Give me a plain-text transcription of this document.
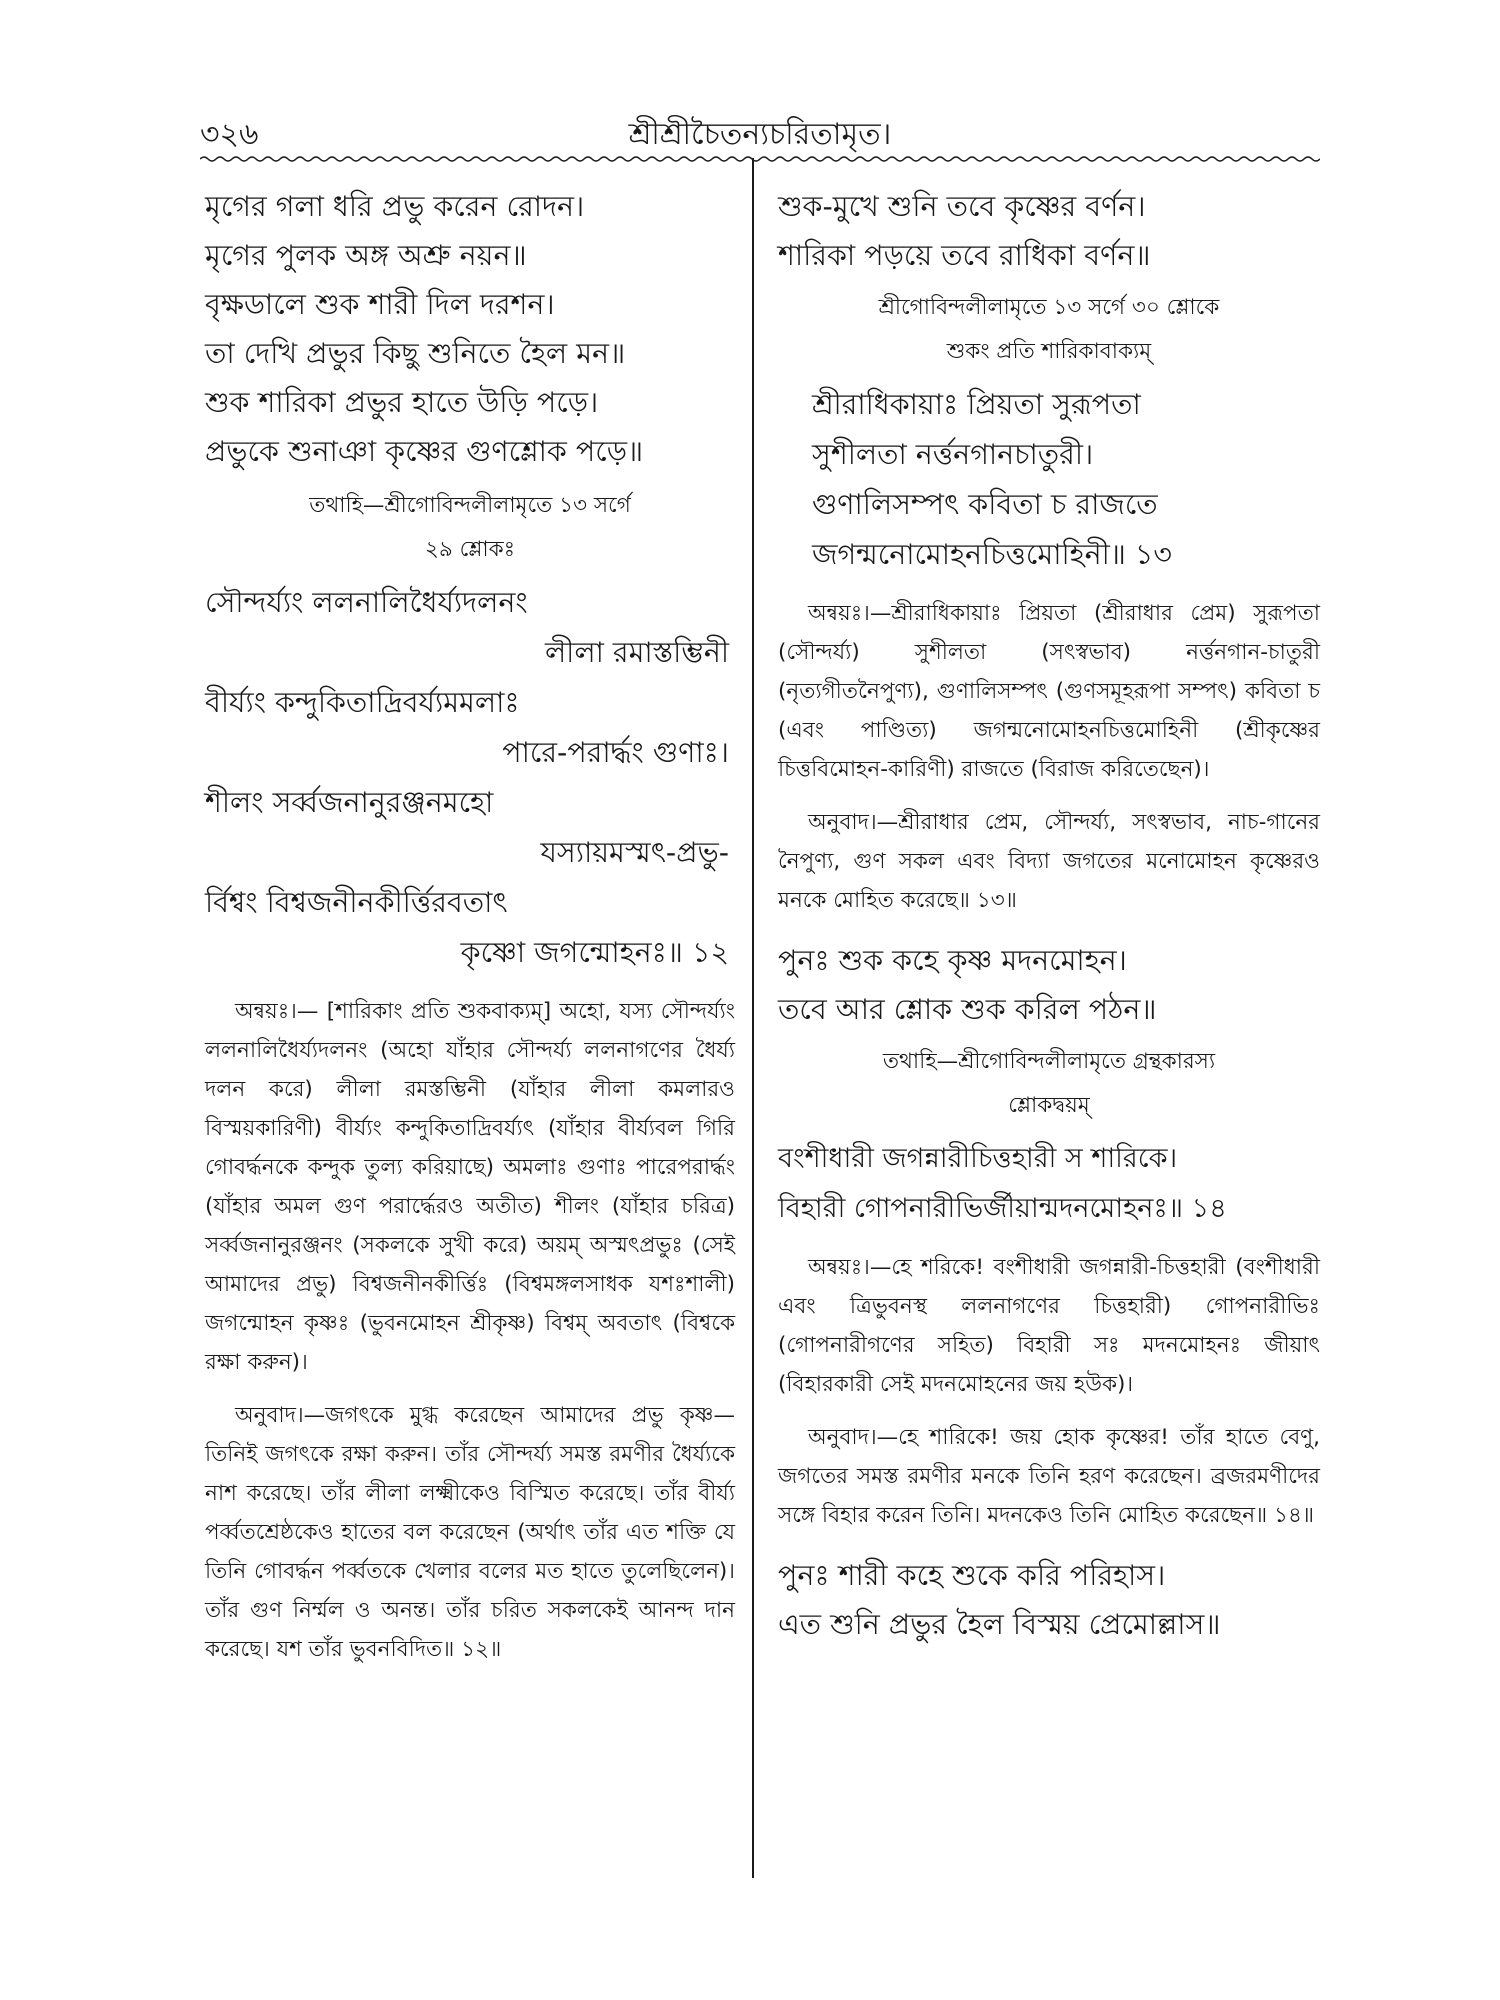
৩২৬	শ্রীশ্রীচৈতন্যচরিতামৃত।
মৃগের গলা ধরি প্রভু করেন রোদন।
মৃগের পুলক অঙ্গ অশ্রু নয়ন॥
বৃক্ষডালে শুক শারী দিল দরশন।
তা দেখি প্রভুর কিছু শুনিতে হৈল মন॥
শুক শারিকা প্রভুর হাতে উড়ি পড়ে।
প্রভুকে শুনাঞা কৃষ্ণের গুণশ্লোক পড়ে॥
তথাহি—শ্রীগোবিন্দলীলামৃতে ১৩ সর্গে
২৯ শ্লোকঃ
সৌন্দর্য্যং ললনালিধৈর্য্যদলনং
লীলা রমাস্তম্ভিনী
বীর্য্যং কন্দুকিতাদ্রিবর্য্যমমলাঃ
পারে-পরার্দ্ধং গুণাঃ।
শীলং সর্ব্বজনানুরঞ্জনমহো
যস্যায়মস্মৎ-প্রভু-
র্বিশ্বং বিশ্বজনীনকীর্ত্তিরবতাৎ
কৃষ্ণো জগন্মোহনঃ॥ ১২

অন্বয়ঃ।— [শারিকাং প্রতি শুকবাক্যম্] অহো, যস্য সৌন্দর্য্যং ললনালিধৈর্য্যদলনং (অহো যাঁহার সৌন্দর্য্য ললনাগণের ধৈর্য্য দলন করে) লীলা রমস্তম্ভিনী (যাঁহার লীলা কমলারও বিস্ময়কারিণী) বীর্য্যং কন্দুকিতাদ্রিবর্য্যৎ (যাঁহার বীর্য্যবল গিরি গোবর্দ্ধনকে কন্দুক তুল্য করিয়াছে) অমলাঃ গুণাঃ পারেপরার্দ্ধং (যাঁহার অমল গুণ পরার্দ্ধেরও অতীত) শীলং (যাঁহার চরিত্র) সর্ব্বজনানুরঞ্জনং (সকলকে সুখী করে) অয়ম্ অস্মৎপ্রভুঃ (সেই আমাদের প্রভু) বিশ্বজনীনকীর্ত্তিঃ (বিশ্বমঙ্গলসাধক যশঃশালী) জগন্মোহন কৃষ্ণঃ (ভুবনমোহন শ্রীকৃষ্ণ) বিশ্বম্ অবতাৎ (বিশ্বকে রক্ষা করুন)।

অনুবাদ।—জগৎকে মুগ্ধ করেছেন আমাদের প্রভু কৃষ্ণ—তিনিই জগৎকে রক্ষা করুন। তাঁর সৌন্দর্য্য সমস্ত রমণীর ধৈর্য্যকে নাশ করেছে। তাঁর লীলা লক্ষ্মীকেও বিস্মিত করেছে। তাঁর বীর্য্য পর্ব্বতশ্রেষ্ঠকেও হাতের বল করেছেন (অর্থাৎ তাঁর এত শক্তি যে তিনি গোবর্দ্ধন পর্ব্বতকে খেলার বলের মত হাতে তুলেছিলেন)। তাঁর গুণ নির্ম্মল ও অনন্ত। তাঁর চরিত সকলকেই আনন্দ দান করেছে। যশ তাঁর ভুবনবিদিত॥ ১২॥

শুক-মুখে শুনি তবে কৃষ্ণের বর্ণন।
শারিকা পড়য়ে তবে রাধিকা বর্ণন॥
শ্রীগোবিন্দলীলামৃতে ১৩ সর্গে ৩০ শ্লোকে
শুকং প্রতি শারিকাবাক্যম্
শ্রীরাধিকায়াঃ প্রিয়তা সুরূপতা
সুশীলতা নর্ত্তনগানচাতুরী।
গুণালিসম্পৎ কবিতা চ রাজতে
জগন্মনোমোহনচিত্তমোহিনী॥ ১৩

অন্বয়ঃ।—শ্রীরাধিকায়াঃ প্রিয়তা (শ্রীরাধার প্রেম) সুরূপতা (সৌন্দর্য্য) সুশীলতা (সৎস্বভাব) নর্ত্তনগান-চাতুরী (নৃত্যগীতনৈপুণ্য), গুণালিসম্পৎ (গুণসমূহরূপা সম্পৎ) কবিতা চ (এবং পাণ্ডিত্য) জগন্মনোমোহনচিত্তমোহিনী (শ্রীকৃষ্ণের চিত্তবিমোহন-কারিণী) রাজতে (বিরাজ করিতেছেন)।

অনুবাদ।—শ্রীরাধার প্রেম, সৌন্দর্য্য, সৎস্বভাব, নাচ-গানের নৈপুণ্য, গুণ সকল এবং বিদ্যা জগতের মনোমোহন কৃষ্ণেরও মনকে মোহিত করেছে॥ ১৩॥

পুনঃ শুক কহে কৃষ্ণ মদনমোহন।
তবে আর শ্লোক শুক করিল পঠন॥
তথাহি—শ্রীগোবিন্দলীলামৃতে গ্রন্থকারস্য
শ্লোকদ্বয়ম্
বংশীধারী জগন্নারীচিত্তহারী স শারিকে।
বিহারী গোপনারীভির্জীয়ান্মদনমোহনঃ॥ ১৪

অন্বয়ঃ।—হে শরিকে! বংশীধারী জগন্নারী-চিত্তহারী (বংশীধারী এবং ত্রিভুবনস্থ ললনাগণের চিত্তহারী) গোপনারীভিঃ (গোপনারীগণের সহিত) বিহারী সঃ মদনমোহনঃ জীয়াৎ (বিহারকারী সেই মদনমোহনের জয় হউক)।

অনুবাদ।—হে শারিকে! জয় হোক কৃষ্ণের! তাঁর হাতে বেণু, জগতের সমস্ত রমণীর মনকে তিনি হরণ করেছেন। ব্রজরমণীদের সঙ্গে বিহার করেন তিনি। মদনকেও তিনি মোহিত করেছেন॥ ১৪॥

পুনঃ শারী কহে শুকে করি পরিহাস।
এত শুনি প্রভুর হৈল বিস্ময় প্রেমোল্লাস॥
